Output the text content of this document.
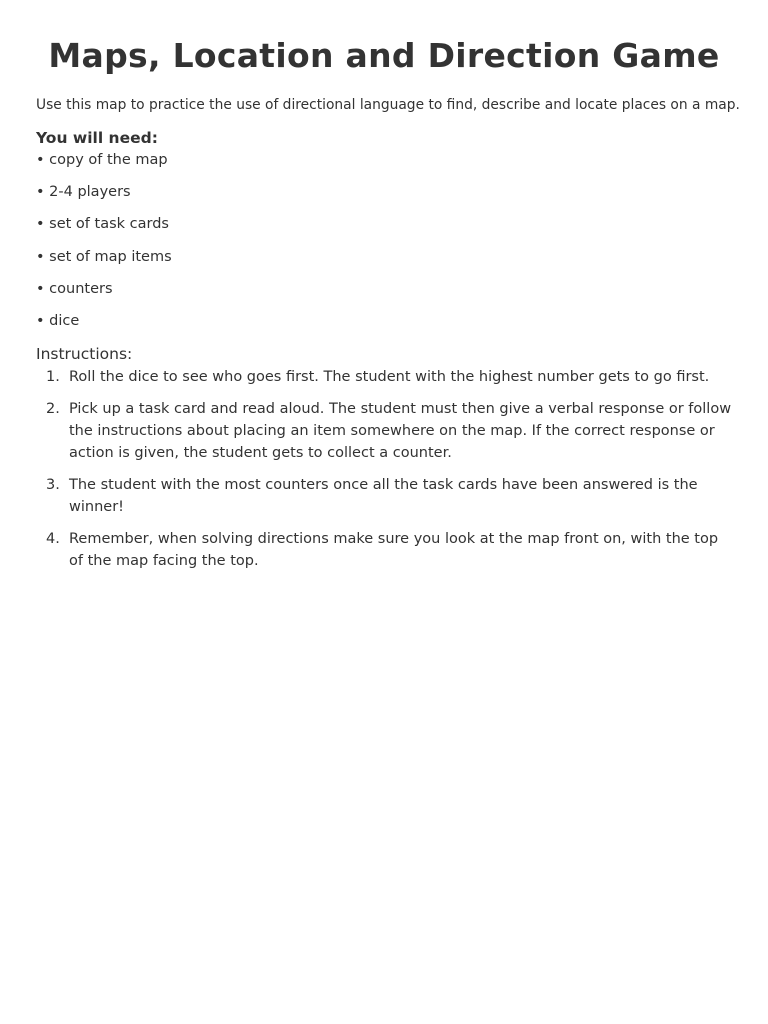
Maps, Location and Direction Game

Use this map to practice the use of directional language to find, describe and locate places on a map.

You will need:

• copy of the map
• 2-4 players
• set of task cards
• set of map items
• counters
• dice

Instructions:

1. Roll the dice to see who goes first. The student with the highest number gets to go first.
2. Pick up a task card and read aloud. The student must then give a verbal response or follow the instructions about placing an item somewhere on the map. If the correct response or action is given, the student gets to collect a counter.
3. The student with the most counters once all the task cards have been answered is the winner!
4. Remember, when solving directions make sure you look at the map front on, with the top of the map facing the top.
